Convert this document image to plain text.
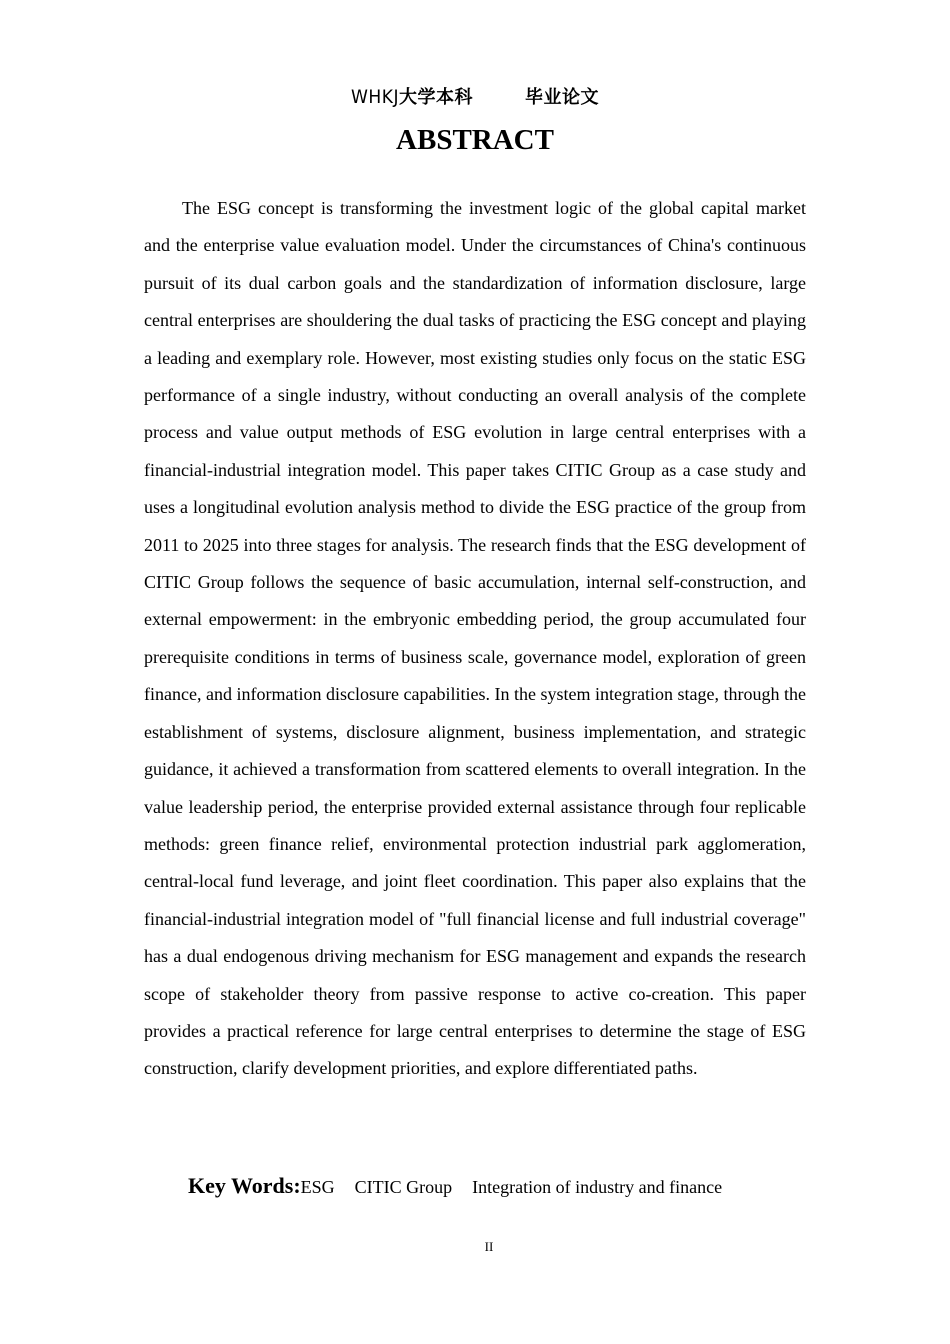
WHKJ大学本科	毕业论文
ABSTRACT

The ESG concept is transforming the investment logic of the global capital market and the enterprise value evaluation model. Under the circumstances of China's continuous pursuit of its dual carbon goals and the standardization of information disclosure, large central enterprises are shouldering the dual tasks of practicing the ESG concept and playing a leading and exemplary role. However, most existing studies only focus on the static ESG performance of a single industry, without conducting an overall analysis of the complete process and value output methods of ESG evolution in large central enterprises with a financial-industrial integration model. This paper takes CITIC Group as a case study and uses a longitudinal evolution analysis method to divide the ESG practice of the group from 2011 to 2025 into three stages for analysis. The research finds that the ESG development of CITIC Group follows the sequence of basic accumulation, internal self-construction, and external empowerment: in the embryonic embedding period, the group accumulated four prerequisite conditions in terms of business scale, governance model, exploration of green finance, and information disclosure capabilities. In the system integration stage, through the establishment of systems, disclosure alignment, business implementation, and strategic guidance, it achieved a transformation from scattered elements to overall integration. In the value leadership period, the enterprise provided external assistance through four replicable methods: green finance relief, environmental protection industrial park agglomeration, central-local fund leverage, and joint fleet coordination. This paper also explains that the financial-industrial integration model of "full financial license and full industrial coverage" has a dual endogenous driving mechanism for ESG management and expands the research scope of stakeholder theory from passive response to active co-creation. This paper provides a practical reference for large central enterprises to determine the stage of ESG construction, clarify development priorities, and explore differentiated paths.

Key Words:ESG CITIC Group Integration of industry and finance
II
